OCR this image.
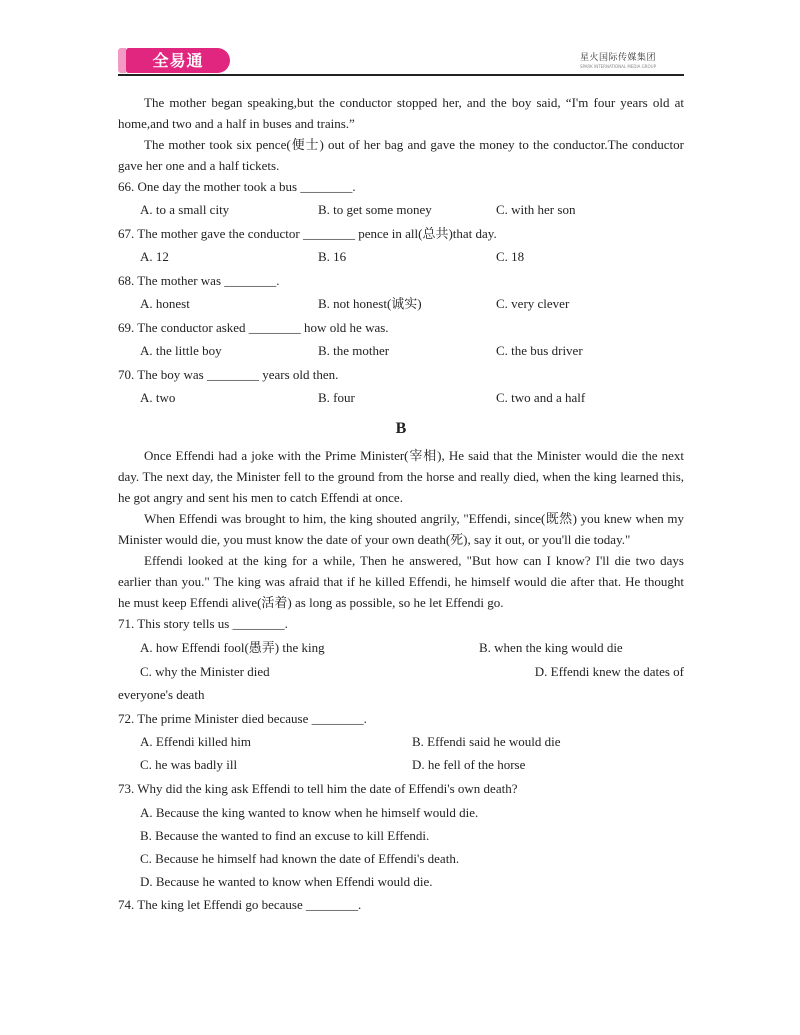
全易通	星火国际传媒集团
SPARK INTERNATIONAL MEDIA GROUP

The mother began speaking,but the conductor stopped her, and the boy said, “I'm four years old at home,and two and a half in buses and trains.”

The mother took six pence(便士) out of her bag and gave the money to the conductor.The conductor gave her one and a half tickets.

66. One day the mother took a bus ________.

A. to a small city	B. to get some money	C. with her son

67. The mother gave the conductor ________ pence in all(总共)that day.

A. 12	B. 16	C. 18

68. The mother was ________.

A. honest	B. not honest(诚实)	C. very clever

69. The conductor asked ________ how old he was.

A. the little boy	B. the mother	C. the bus driver

70. The boy was ________ years old then.

A. two	B. four	C. two and a half
B

Once Effendi had a joke with the Prime Minister(宰相), He said that the Minister would die the next day. The next day, the Minister fell to the ground from the horse and really died, when the king learned this, he got angry and sent his men to catch Effendi at once.

When Effendi was brought to him, the king shouted angrily, "Effendi, since(既然) you knew when my Minister would die, you must know the date of your own death(死), say it out, or you'll die today."

Effendi looked at the king for a while, Then he answered, "But how can I know? I'll die two days earlier than you." The king was afraid that if he killed Effendi, he himself would die after that. He thought he must keep Effendi alive(活着) as long as possible, so he let Effendi go.

71. This story tells us ________.

A. how Effendi fool(愚弄) the king	B. when the king would die
C. why the Minister died	D. Effendi knew the dates of

everyone's death

72. The prime Minister died because ________.

A. Effendi killed him	B. Effendi said he would die
C. he was badly ill	D. he fell of the horse

73. Why did the king ask Effendi to tell him the date of Effendi's own death?

A. Because the king wanted to know when he himself would die.
B. Because the wanted to find an excuse to kill Effendi.
C. Because he himself had known the date of Effendi's death.
D. Because he wanted to know when Effendi would die.

74. The king let Effendi go because ________.
